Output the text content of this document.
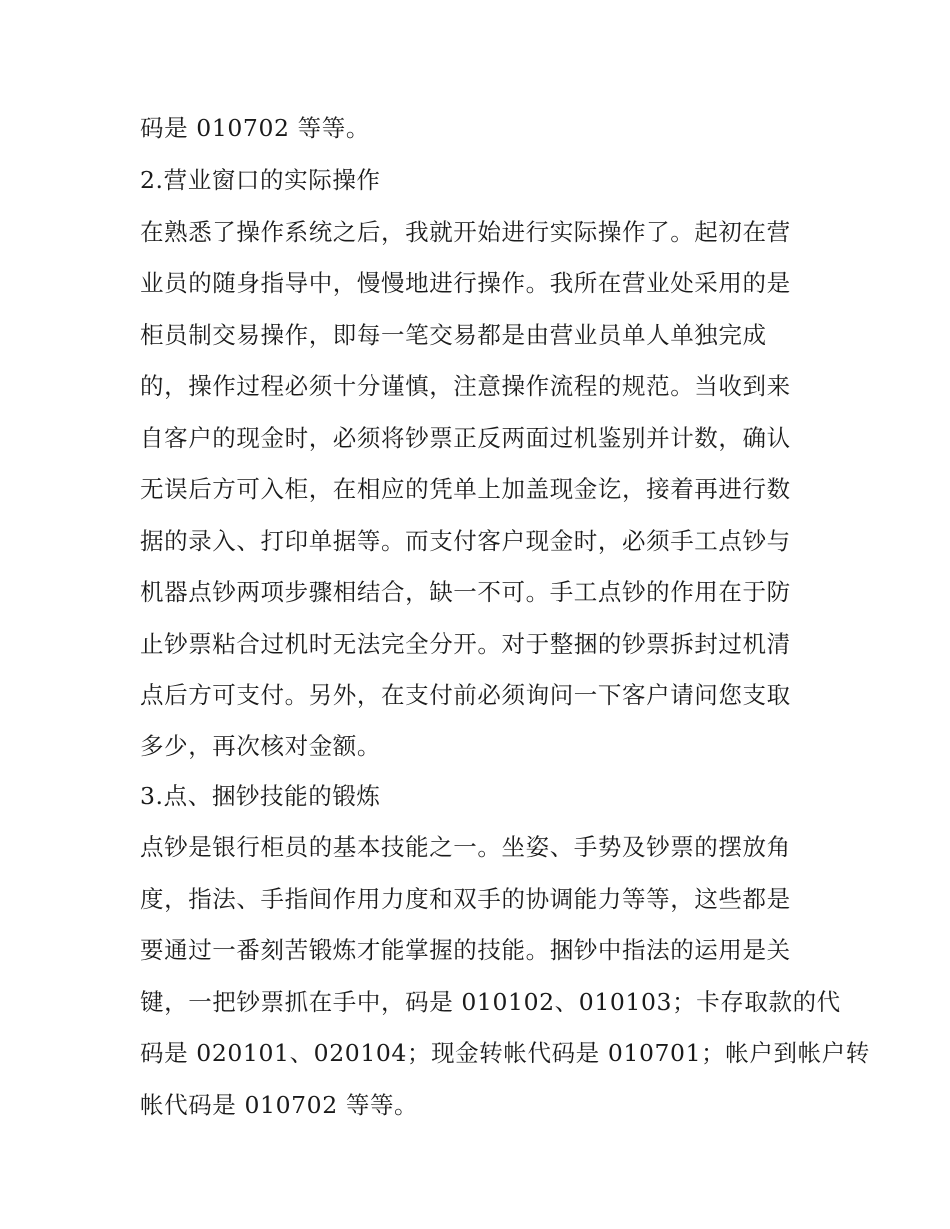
码是 010702 等等。
2.营业窗口的实际操作
在熟悉了操作系统之后，我就开始进行实际操作了。起初在营
业员的随身指导中，慢慢地进行操作。我所在营业处采用的是
柜员制交易操作，即每一笔交易都是由营业员单人单独完成
的，操作过程必须十分谨慎，注意操作流程的规范。当收到来
自客户的现金时，必须将钞票正反两面过机鉴别并计数，确认
无误后方可入柜，在相应的凭单上加盖现金讫，接着再进行数
据的录入、打印单据等。而支付客户现金时，必须手工点钞与
机器点钞两项步骤相结合，缺一不可。手工点钞的作用在于防
止钞票粘合过机时无法完全分开。对于整捆的钞票拆封过机清
点后方可支付。另外，在支付前必须询问一下客户请问您支取
多少，再次核对金额。
3.点、捆钞技能的锻炼
点钞是银行柜员的基本技能之一。坐姿、手势及钞票的摆放角
度，指法、手指间作用力度和双手的协调能力等等，这些都是
要通过一番刻苦锻炼才能掌握的技能。捆钞中指法的运用是关
键，一把钞票抓在手中，码是 010102、010103；卡存取款的代
码是 020101、020104；现金转帐代码是 010701；帐户到帐户转
帐代码是 010702 等等。
